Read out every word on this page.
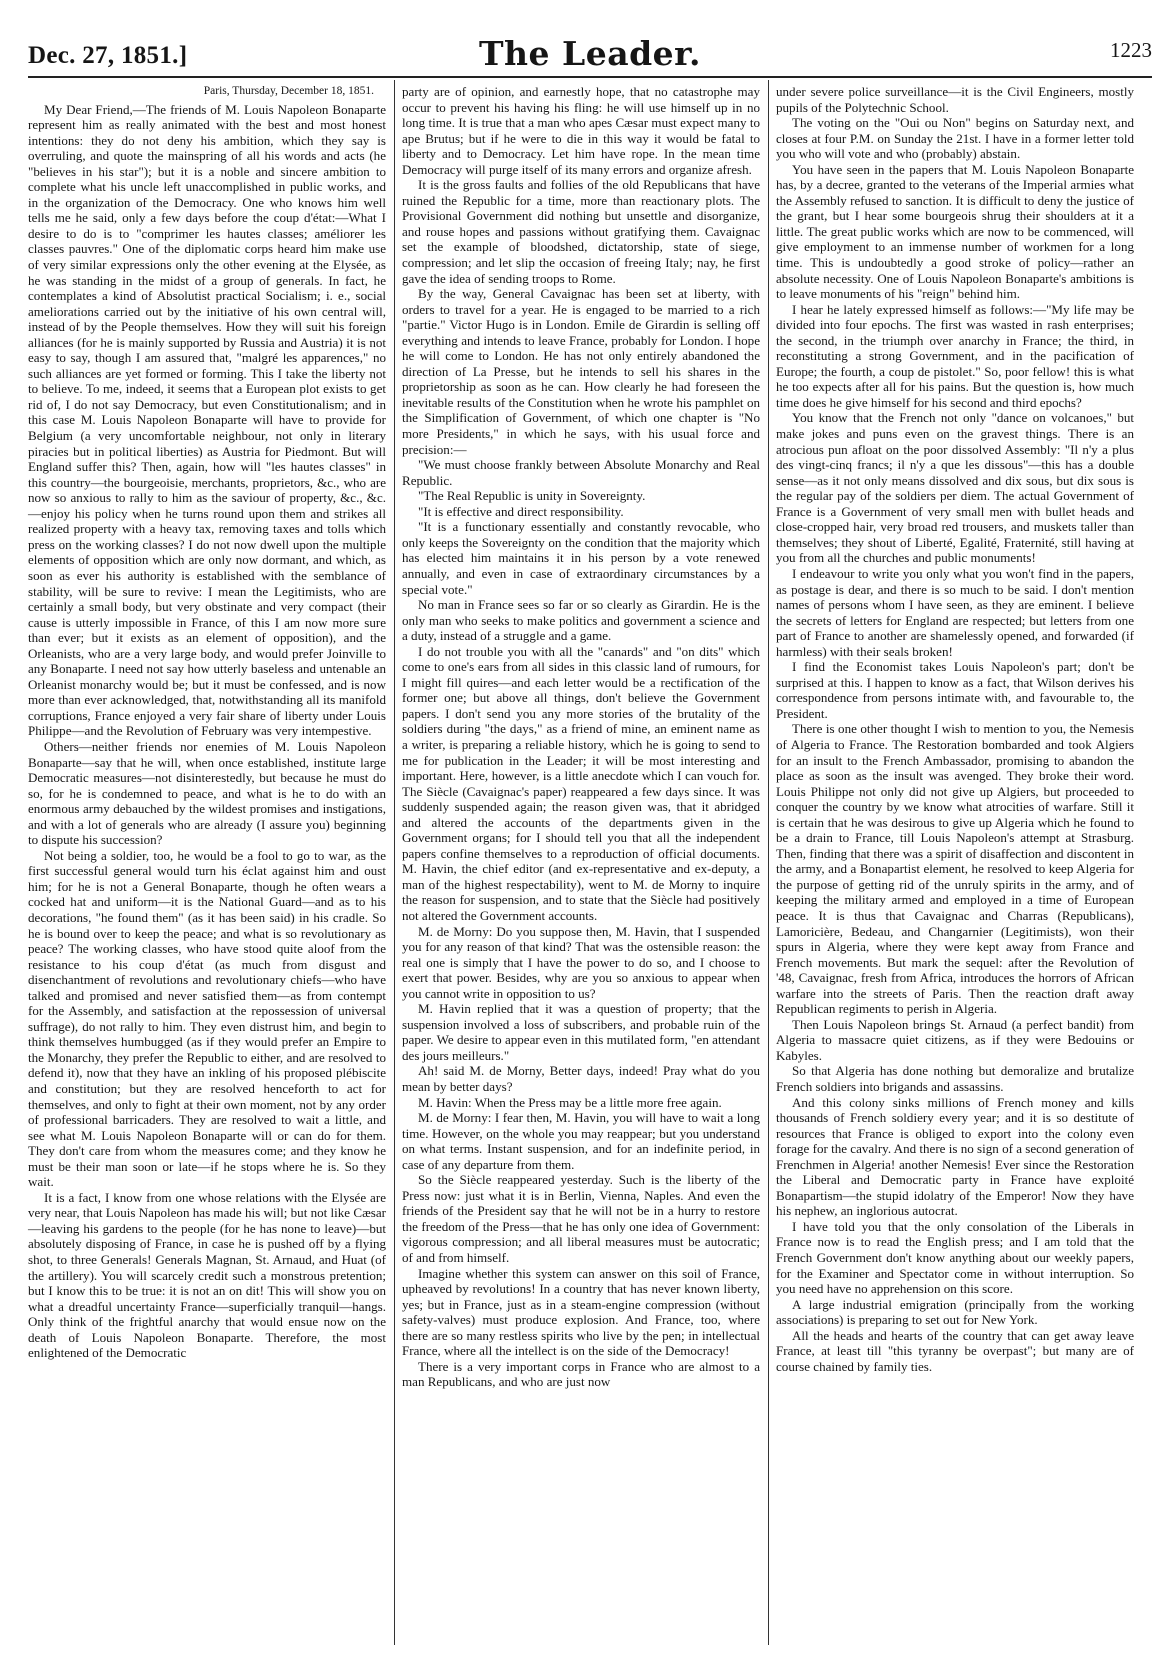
Dec. 27, 1851.]	The Leader.	1223
Paris, Thursday, December 18, 1851.

My Dear Friend,—The friends of M. Louis Napoleon Bonaparte represent him as really animated with the best and most honest intentions: they do not deny his ambition, which they say is overruling, and quote the mainspring of all his words and acts (he "believes in his star"); but it is a noble and sincere ambition to complete what his uncle left unaccomplished in public works, and in the organization of the Democracy. One who knows him well tells me he said, only a few days before the coup d'état:—What I desire to do is to "comprimer les hautes classes; améliorer les classes pauvres." One of the diplomatic corps heard him make use of very similar expressions only the other evening at the Elysée, as he was standing in the midst of a group of generals. In fact, he contemplates a kind of Absolutist practical Socialism; i. e., social ameliorations carried out by the initiative of his own central will, instead of by the People themselves. How they will suit his foreign alliances (for he is mainly supported by Russia and Austria) it is not easy to say, though I am assured that, "malgré les apparences," no such alliances are yet formed or forming. This I take the liberty not to believe. To me, indeed, it seems that a European plot exists to get rid of, I do not say Democracy, but even Constitutionalism; and in this case M. Louis Napoleon Bonaparte will have to provide for Belgium (a very uncomfortable neighbour, not only in literary piracies but in political liberties) as Austria for Piedmont. But will England suffer this? Then, again, how will "les hautes classes" in this country—the bourgeoisie, merchants, proprietors, &c., who are now so anxious to rally to him as the saviour of property, &c., &c.—enjoy his policy when he turns round upon them and strikes all realized property with a heavy tax, removing taxes and tolls which press on the working classes? I do not now dwell upon the multiple elements of opposition which are only now dormant, and which, as soon as ever his authority is established with the semblance of stability, will be sure to revive: I mean the Legitimists, who are certainly a small body, but very obstinate and very compact (their cause is utterly impossible in France, of this I am now more sure than ever; but it exists as an element of opposition), and the Orleanists, who are a very large body, and would prefer Joinville to any Bonaparte. I need not say how utterly baseless and untenable an Orleanist monarchy would be; but it must be confessed, and is now more than ever acknowledged, that, notwithstanding all its manifold corruptions, France enjoyed a very fair share of liberty under Louis Philippe—and the Revolution of February was very intempestive.

Others—neither friends nor enemies of M. Louis Napoleon Bonaparte—say that he will, when once established, institute large Democratic measures—not disinterestedly, but because he must do so, for he is condemned to peace, and what is he to do with an enormous army debauched by the wildest promises and instigations, and with a lot of generals who are already (I assure you) beginning to dispute his succession?

Not being a soldier, too, he would be a fool to go to war, as the first successful general would turn his éclat against him and oust him; for he is not a General Bonaparte, though he often wears a cocked hat and uniform—it is the National Guard—and as to his decorations, "he found them" (as it has been said) in his cradle. So he is bound over to keep the peace; and what is so revolutionary as peace? The working classes, who have stood quite aloof from the resistance to his coup d'état (as much from disgust and disenchantment of revolutions and revolutionary chiefs—who have talked and promised and never satisfied them—as from contempt for the Assembly, and satisfaction at the repossession of universal suffrage), do not rally to him. They even distrust him, and begin to think themselves humbugged (as if they would prefer an Empire to the Monarchy, they prefer the Republic to either, and are resolved to defend it), now that they have an inkling of his proposed plébiscite and constitution; but they are resolved henceforth to act for themselves, and only to fight at their own moment, not by any order of professional barricaders. They are resolved to wait a little, and see what M. Louis Napoleon Bonaparte will or can do for them. They don't care from whom the measures come; and they know he must be their man soon or late—if he stops where he is. So they wait.

It is a fact, I know from one whose relations with the Elysée are very near, that Louis Napoleon has made his will; but not like Cæsar—leaving his gardens to the people (for he has none to leave)—but absolutely disposing of France, in case he is pushed off by a flying shot, to three Generals! Generals Magnan, St. Arnaud, and Huat (of the artillery). You will scarcely credit such a monstrous pretention; but I know this to be true: it is not an on dit! This will show you on what a dreadful uncertainty France—superficially tranquil—hangs. Only think of the frightful anarchy that would ensue now on the death of Louis Napoleon Bonaparte. Therefore, the most enlightened of the Democratic

party are of opinion, and earnestly hope, that no catastrophe may occur to prevent his having his fling: he will use himself up in no long time. It is true that a man who apes Cæsar must expect many to ape Brutus; but if he were to die in this way it would be fatal to liberty and to Democracy. Let him have rope. In the mean time Democracy will purge itself of its many errors and organize afresh.

It is the gross faults and follies of the old Republicans that have ruined the Republic for a time, more than reactionary plots. The Provisional Government did nothing but unsettle and disorganize, and rouse hopes and passions without gratifying them. Cavaignac set the example of bloodshed, dictatorship, state of siege, compression; and let slip the occasion of freeing Italy; nay, he first gave the idea of sending troops to Rome.

By the way, General Cavaignac has been set at liberty, with orders to travel for a year. He is engaged to be married to a rich "partie." Victor Hugo is in London. Emile de Girardin is selling off everything and intends to leave France, probably for London. I hope he will come to London. He has not only entirely abandoned the direction of La Presse, but he intends to sell his shares in the proprietorship as soon as he can. How clearly he had foreseen the inevitable results of the Constitution when he wrote his pamphlet on the Simplification of Government, of which one chapter is "No more Presidents," in which he says, with his usual force and precision:—

"We must choose frankly between Absolute Monarchy and Real Republic.

"The Real Republic is unity in Sovereignty.

"It is effective and direct responsibility.

"It is a functionary essentially and constantly revocable, who only keeps the Sovereignty on the condition that the majority which has elected him maintains it in his person by a vote renewed annually, and even in case of extraordinary circumstances by a special vote."

No man in France sees so far or so clearly as Girardin. He is the only man who seeks to make politics and government a science and a duty, instead of a struggle and a game.

I do not trouble you with all the "canards" and "on dits" which come to one's ears from all sides in this classic land of rumours, for I might fill quires—and each letter would be a rectification of the former one; but above all things, don't believe the Government papers. I don't send you any more stories of the brutality of the soldiers during "the days," as a friend of mine, an eminent name as a writer, is preparing a reliable history, which he is going to send to me for publication in the Leader; it will be most interesting and important. Here, however, is a little anecdote which I can vouch for. The Siècle (Cavaignac's paper) reappeared a few days since. It was suddenly suspended again; the reason given was, that it abridged and altered the accounts of the departments given in the Government organs; for I should tell you that all the independent papers confine themselves to a reproduction of official documents. M. Havin, the chief editor (and ex-representative and ex-deputy, a man of the highest respectability), went to M. de Morny to inquire the reason for suspension, and to state that the Siècle had positively not altered the Government accounts.

M. de Morny: Do you suppose then, M. Havin, that I suspended you for any reason of that kind? That was the ostensible reason: the real one is simply that I have the power to do so, and I choose to exert that power. Besides, why are you so anxious to appear when you cannot write in opposition to us?

M. Havin replied that it was a question of property; that the suspension involved a loss of subscribers, and probable ruin of the paper. We desire to appear even in this mutilated form, "en attendant des jours meilleurs."

Ah! said M. de Morny, Better days, indeed! Pray what do you mean by better days?

M. Havin: When the Press may be a little more free again.

M. de Morny: I fear then, M. Havin, you will have to wait a long time. However, on the whole you may reappear; but you understand on what terms. Instant suspension, and for an indefinite period, in case of any departure from them.

So the Siècle reappeared yesterday. Such is the liberty of the Press now: just what it is in Berlin, Vienna, Naples. And even the friends of the President say that he will not be in a hurry to restore the freedom of the Press—that he has only one idea of Government: vigorous compression; and all liberal measures must be autocratic; of and from himself.

Imagine whether this system can answer on this soil of France, upheaved by revolutions! In a country that has never known liberty, yes; but in France, just as in a steam-engine compression (without safety-valves) must produce explosion. And France, too, where there are so many restless spirits who live by the pen; in intellectual France, where all the intellect is on the side of the Democracy!

There is a very important corps in France who are almost to a man Republicans, and who are just now

under severe police surveillance—it is the Civil Engineers, mostly pupils of the Polytechnic School.

The voting on the "Oui ou Non" begins on Saturday next, and closes at four P.M. on Sunday the 21st. I have in a former letter told you who will vote and who (probably) abstain.

You have seen in the papers that M. Louis Napoleon Bonaparte has, by a decree, granted to the veterans of the Imperial armies what the Assembly refused to sanction. It is difficult to deny the justice of the grant, but I hear some bourgeois shrug their shoulders at it a little. The great public works which are now to be commenced, will give employment to an immense number of workmen for a long time. This is undoubtedly a good stroke of policy—rather an absolute necessity. One of Louis Napoleon Bonaparte's ambitions is to leave monuments of his "reign" behind him.

I hear he lately expressed himself as follows:—"My life may be divided into four epochs. The first was wasted in rash enterprises; the second, in the triumph over anarchy in France; the third, in reconstituting a strong Government, and in the pacification of Europe; the fourth, a coup de pistolet." So, poor fellow! this is what he too expects after all for his pains. But the question is, how much time does he give himself for his second and third epochs?

You know that the French not only "dance on volcanoes," but make jokes and puns even on the gravest things. There is an atrocious pun afloat on the poor dissolved Assembly: "Il n'y a plus des vingt-cinq francs; il n'y a que les dissous"—this has a double sense—as it not only means dissolved and dix sous, but dix sous is the regular pay of the soldiers per diem. The actual Government of France is a Government of very small men with bullet heads and close-cropped hair, very broad red trousers, and muskets taller than themselves; they shout of Liberté, Egalité, Fraternité, still having at you from all the churches and public monuments!

I endeavour to write you only what you won't find in the papers, as postage is dear, and there is so much to be said. I don't mention names of persons whom I have seen, as they are eminent. I believe the secrets of letters for England are respected; but letters from one part of France to another are shamelessly opened, and forwarded (if harmless) with their seals broken!

I find the Economist takes Louis Napoleon's part; don't be surprised at this. I happen to know as a fact, that Wilson derives his correspondence from persons intimate with, and favourable to, the President.

There is one other thought I wish to mention to you, the Nemesis of Algeria to France. The Restoration bombarded and took Algiers for an insult to the French Ambassador, promising to abandon the place as soon as the insult was avenged. They broke their word. Louis Philippe not only did not give up Algiers, but proceeded to conquer the country by we know what atrocities of warfare. Still it is certain that he was desirous to give up Algeria which he found to be a drain to France, till Louis Napoleon's attempt at Strasburg. Then, finding that there was a spirit of disaffection and discontent in the army, and a Bonapartist element, he resolved to keep Algeria for the purpose of getting rid of the unruly spirits in the army, and of keeping the military armed and employed in a time of European peace. It is thus that Cavaignac and Charras (Republicans), Lamoricière, Bedeau, and Changarnier (Legitimists), won their spurs in Algeria, where they were kept away from France and French movements. But mark the sequel: after the Revolution of '48, Cavaignac, fresh from Africa, introduces the horrors of African warfare into the streets of Paris. Then the reaction draft away Republican regiments to perish in Algeria.

Then Louis Napoleon brings St. Arnaud (a perfect bandit) from Algeria to massacre quiet citizens, as if they were Bedouins or Kabyles.

So that Algeria has done nothing but demoralize and brutalize French soldiers into brigands and assassins.

And this colony sinks millions of French money and kills thousands of French soldiery every year; and it is so destitute of resources that France is obliged to export into the colony even forage for the cavalry. And there is no sign of a second generation of Frenchmen in Algeria! another Nemesis! Ever since the Restoration the Liberal and Democratic party in France have exploité Bonapartism—the stupid idolatry of the Emperor! Now they have his nephew, an inglorious autocrat.

I have told you that the only consolation of the Liberals in France now is to read the English press; and I am told that the French Government don't know anything about our weekly papers, for the Examiner and Spectator come in without interruption. So you need have no apprehension on this score.

A large industrial emigration (principally from the working associations) is preparing to set out for New York.

All the heads and hearts of the country that can get away leave France, at least till "this tyranny be overpast"; but many are of course chained by family ties.
